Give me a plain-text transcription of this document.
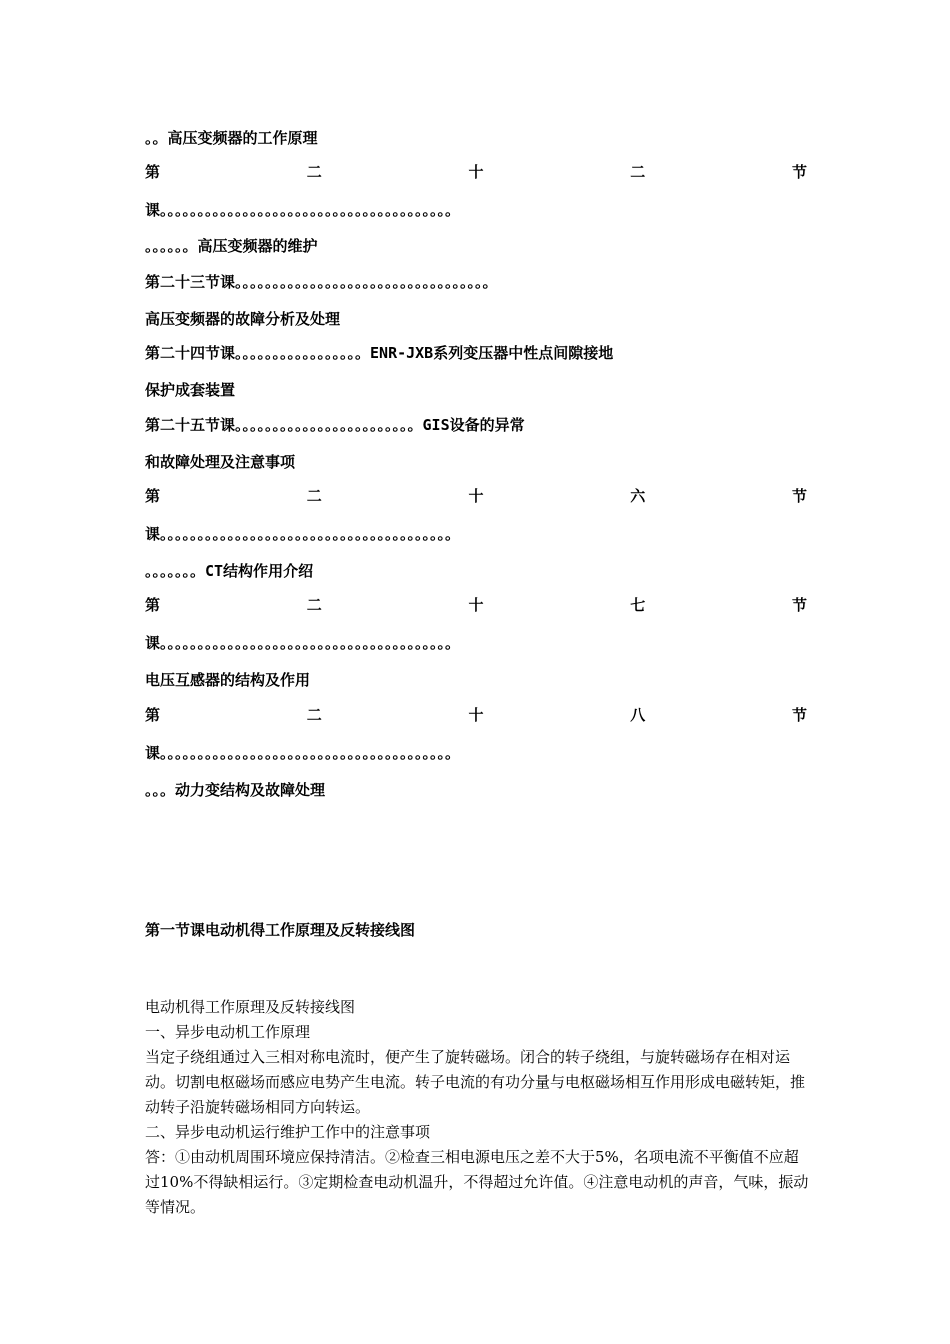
。。高压变频器的工作原理

第	二	十	二	节

课。。。。。。。。。。。。。。。。。。。。。。。。。。。。。。。。。。。。。。。

。。。。。。高压变频器的维护

第二十三节课。。。。。。。。。。。。。。。。。。。。。。。。。。。。。。。。。。

高压变频器的故障分析及处理

第二十四节课。。。。。。。。。。。。。。。。。ENR-JXB系列变压器中性点间隙接地

保护成套装置

第二十五节课。。。。。。。。。。。。。。。。。。。。。。。。GIS设备的异常

和故障处理及注意事项

第	二	十	六	节

课。。。。。。。。。。。。。。。。。。。。。。。。。。。。。。。。。。。。。。。

。。。。。。。CT结构作用介绍

第	二	十	七	节

课。。。。。。。。。。。。。。。。。。。。。。。。。。。。。。。。。。。。。。。

电压互感器的结构及作用

第	二	十	八	节

课。。。。。。。。。。。。。。。。。。。。。。。。。。。。。。。。。。。。。。。

。。。动力变结构及故障处理

第一节课电动机得工作原理及反转接线图

电动机得工作原理及反转接线图

一、异步电动机工作原理

当定子绕组通过入三相对称电流时，便产生了旋转磁场。闭合的转子绕组，与旋转磁场存在相对运动。切割电枢磁场而感应电势产生电流。转子电流的有功分量与电枢磁场相互作用形成电磁转矩，推动转子沿旋转磁场相同方向转运。

二、异步电动机运行维护工作中的注意事项

答：①由动机周围环境应保持清洁。②检查三相电源电压之差不大于5%，名项电流不平衡值不应超过10%不得缺相运行。③定期检查电动机温升，不得超过允许值。④注意电动机的声音，气味，振动等情况。
